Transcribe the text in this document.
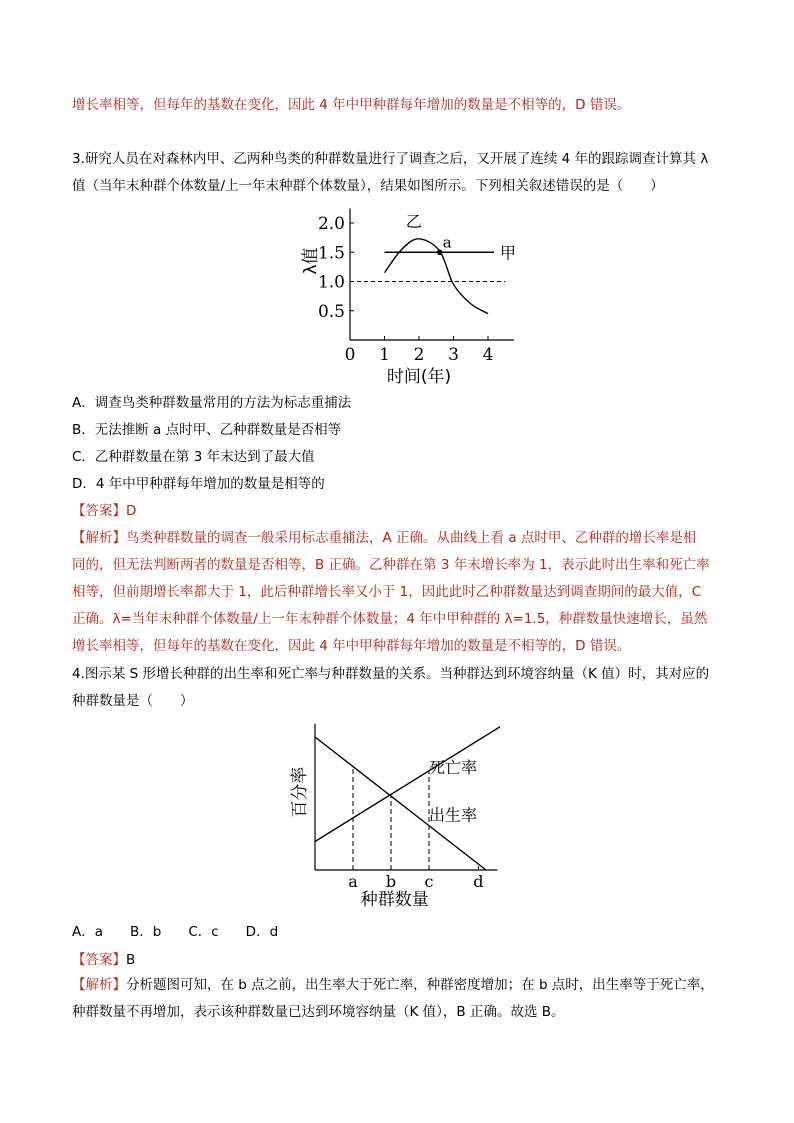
增长率相等，但每年的基数在变化，因此 4 年中甲种群每年增加的数量是不相等的，D 错误。
3.研究人员在对森林内甲、乙两种鸟类的种群数量进行了调查之后，又开展了连续 4 年的跟踪调查计算其 λ
值（当年末种群个体数量/上一年末种群个体数量），结果如图所示。下列相关叙述错误的是（　　）
0.5
1.0
1.5
2.0
0 1 2 3 4
甲
乙
a
时间(年)
λ值
A．调查鸟类种群数量常用的方法为标志重捕法
B．无法推断 a 点时甲、乙种群数量是否相等
C．乙种群数量在第 3 年末达到了最大值
D．4 年中甲种群每年增加的数量是相等的
【答案】D
【解析】鸟类种群数量的调查一般采用标志重捕法，A 正确。从曲线上看 a 点时甲、乙种群的增长率是相
同的，但无法判断两者的数量是否相等，B 正确。乙种群在第 3 年末增长率为 1，表示此时出生率和死亡率
相等，但前期增长率都大于 1，此后种群增长率又小于 1，因此此时乙种群数量达到调查期间的最大值，C
正确。λ=当年末种群个体数量/上一年末种群个体数量；4 年中甲种群的 λ=1.5，种群数量快速增长，虽然
增长率相等，但每年的基数在变化，因此 4 年中甲种群每年增加的数量是不相等的，D 错误。
4.图示某 S 形增长种群的出生率和死亡率与种群数量的关系。当种群达到环境容纳量（K 值）时，其对应的
种群数量是（　　）
a b c d
死亡率
出生率
种群数量
百分率
A．a　　B．b　　C．c　　D．d
【答案】B
【解析】分析题图可知，在 b 点之前，出生率大于死亡率，种群密度增加；在 b 点时，出生率等于死亡率，
种群数量不再增加，表示该种群数量已达到环境容纳量（K 值），B 正确。故选 B。
